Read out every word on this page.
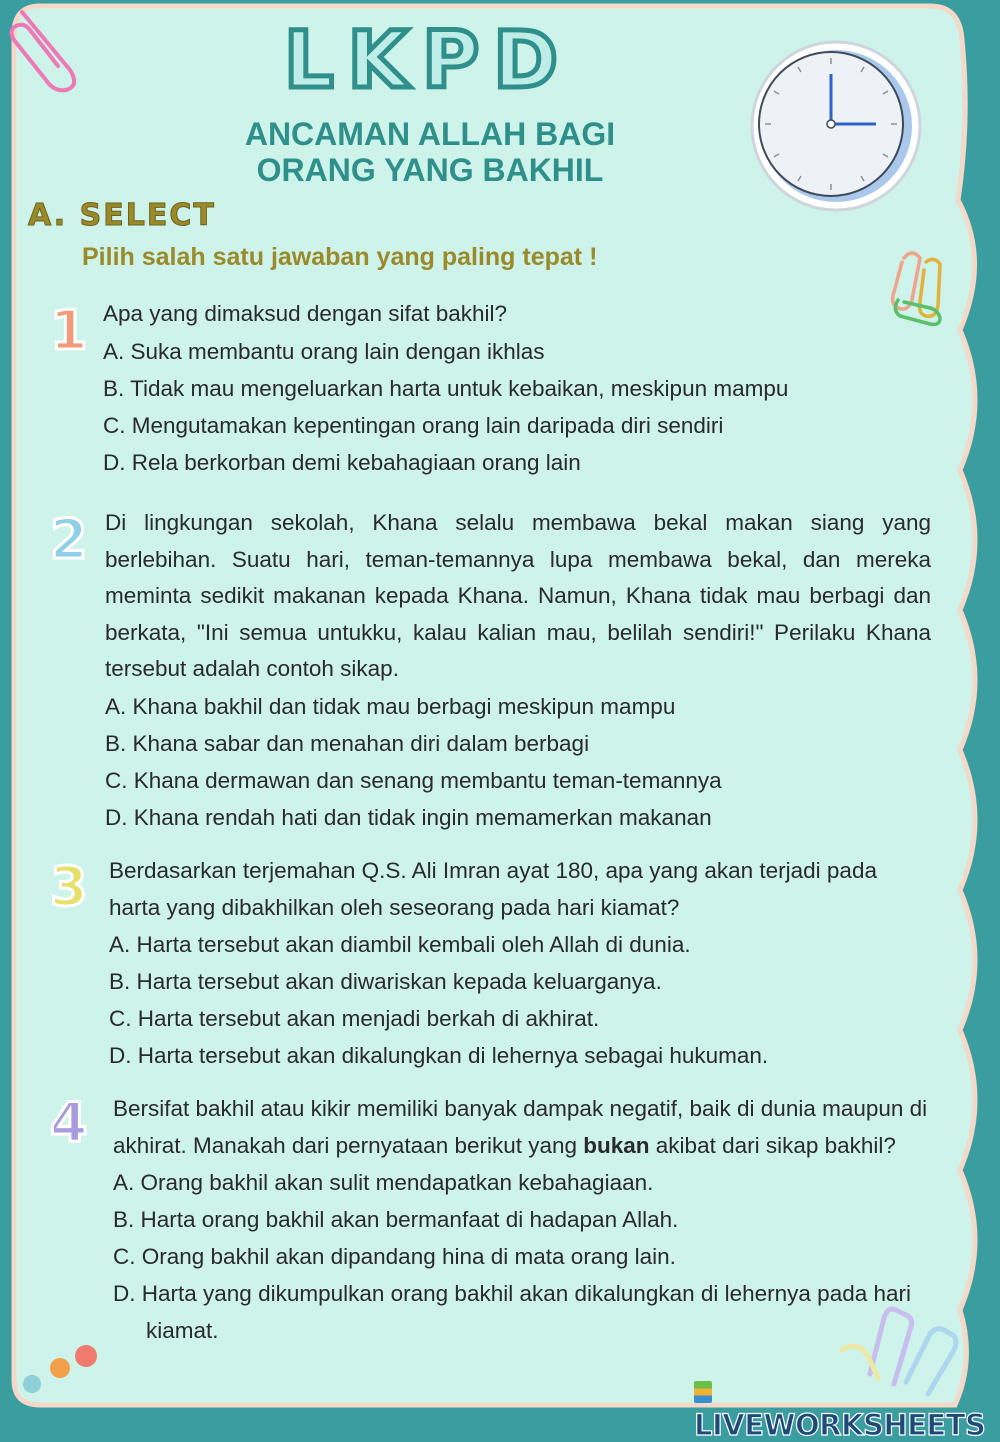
LKPD
ANCAMAN ALLAH BAGI
ORANG YANG BAKHIL
A. SELECT
Pilih salah satu jawaban yang paling tepat !
1 Apa yang dimaksud dengan sifat bakhil?

A. Suka membantu orang lain dengan ikhlas

B. Tidak mau mengeluarkan harta untuk kebaikan, meskipun mampu

C. Mengutamakan kepentingan orang lain daripada diri sendiri

D. Rela berkorban demi kebahagiaan orang lain

2 Di lingkungan sekolah, Khana selalu membawa bekal makan siang yang berlebihan. Suatu hari, teman-temannya lupa membawa bekal, dan mereka meminta sedikit makanan kepada Khana. Namun, Khana tidak mau berbagi dan berkata, "Ini semua untukku, kalau kalian mau, belilah sendiri!" Perilaku Khana tersebut adalah contoh sikap.

A. Khana bakhil dan tidak mau berbagi meskipun mampu

B. Khana sabar dan menahan diri dalam berbagi

C. Khana dermawan dan senang membantu teman-temannya

D. Khana rendah hati dan tidak ingin memamerkan makanan

3 Berdasarkan terjemahan Q.S. Ali Imran ayat 180, apa yang akan terjadi pada harta yang dibakhilkan oleh seseorang pada hari kiamat?

A. Harta tersebut akan diambil kembali oleh Allah di dunia.

B. Harta tersebut akan diwariskan kepada keluarganya.

C. Harta tersebut akan menjadi berkah di akhirat.

D. Harta tersebut akan dikalungkan di lehernya sebagai hukuman.

4 Bersifat bakhil atau kikir memiliki banyak dampak negatif, baik di dunia maupun di akhirat. Manakah dari pernyataan berikut yang bukan akibat dari sikap bakhil?

A. Orang bakhil akan sulit mendapatkan kebahagiaan.

B. Harta orang bakhil akan bermanfaat di hadapan Allah.

C. Orang bakhil akan dipandang hina di mata orang lain.

D. Harta yang dikumpulkan orang bakhil akan dikalungkan di lehernya pada hari kiamat.

LIVEWORKSHEETS
